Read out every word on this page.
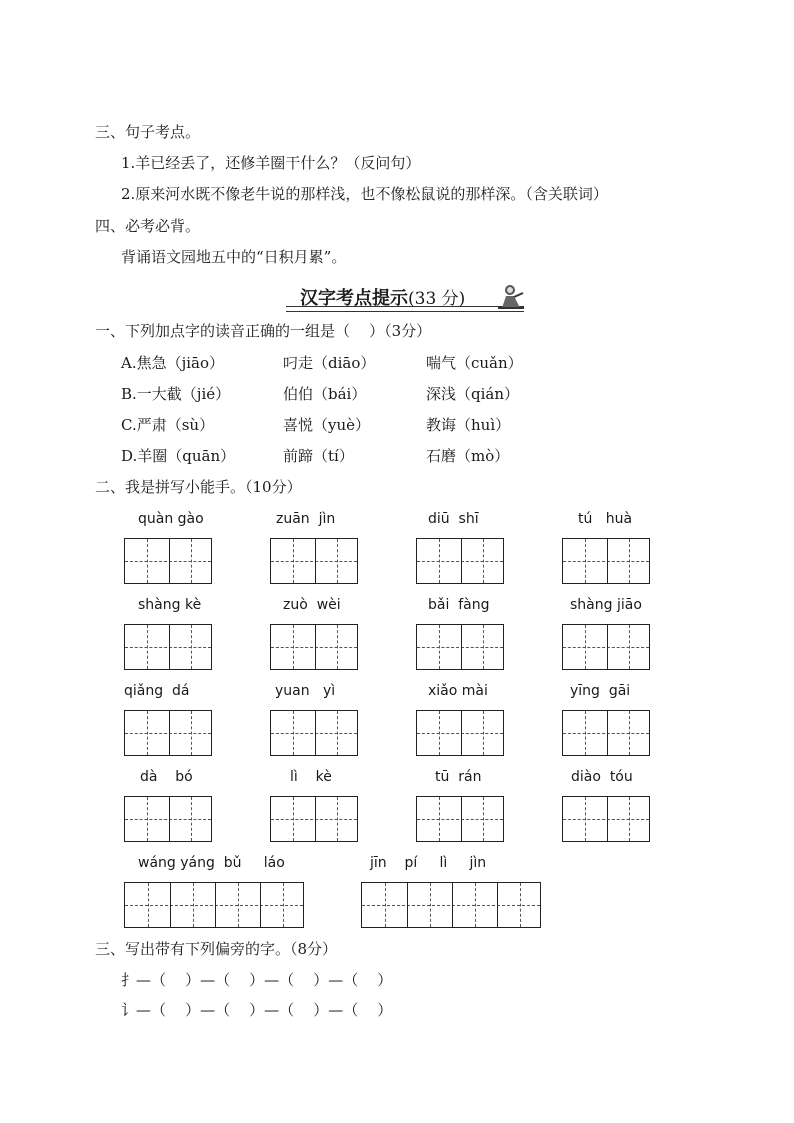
三、句子考点。
1.羊已经丢了，还修羊圈干什么？（反问句）
2.原来河水既不像老牛说的那样浅，也不像松鼠说的那样深。（含关联词）
四、必考必背。
背诵语文园地五中的“日积月累”。
汉字考点提示(33 分)
一、下列加点字的读音正确的一组是（    ）（3分）
A.焦急（jiāo）	叼走（diāo）	喘气（cuǎn）
B.一大截（jié）	伯伯（bái）	深浅（qián）
C.严肃（sù）	喜悦（yuè）	教诲（huì）
D.羊圈（quān）	前蹄（tí）	石磨（mò）
二、我是拼写小能手。（10分）
quàn gào	zuān  jìn	diū  shī	tú   huà
shàng kè	zuò  wèi	bǎi  fàng	shàng jiāo
qiǎng  dá	yuan   yì	xiǎo mài	yīng  gāi
dà    bó	lì    kè	tū  rán	diào  tóu
wáng yáng  bǔ     láo	jīn    pí     lì     jìn
三、写出带有下列偏旁的字。（8分）
扌—（    ）—（    ）—（    ）—（    ）
讠—（    ）—（    ）—（    ）—（    ）
